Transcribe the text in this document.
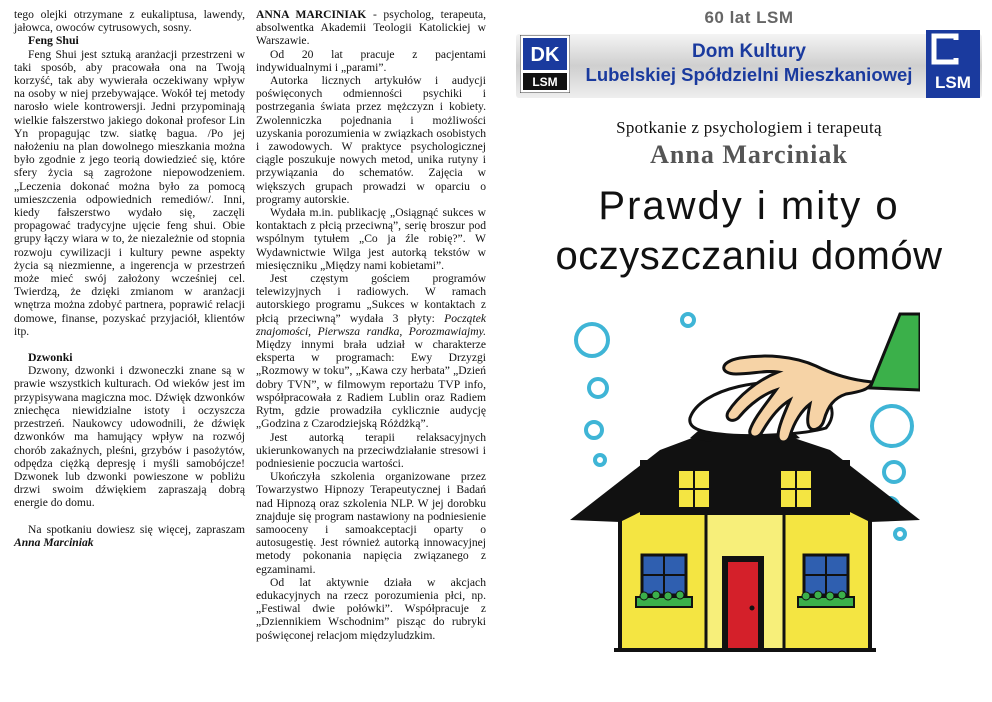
tego olejki otrzymane z eukaliptusa, lawendy, jałowca, owoców cytrusowych, sosny.

Feng Shui

Feng Shui jest sztuką aranżacji przestrzeni w taki sposób, aby pracowała ona na Twoją korzyść, tak aby wywierała oczekiwany wpływ na osoby w niej przebywające. Wokół tej metody narosło wiele kontrowersji. Jedni przypominają wielkie fałszerstwo jakiego dokonał profesor Lin Yn propagując tzw. siatkę bagua. /Po jej nałożeniu na plan dowolnego mieszkania można było zgodnie z jego teorią dowiedzieć się, które sfery życia są zagrożone niepowodzeniem. „Leczenia dokonać można było za pomocą umieszczenia odpowiednich remediów/. Inni, kiedy fałszerstwo wydało się, zaczęli propagować tradycyjne ujęcie feng shui. Obie grupy łączy wiara w to, że niezależnie od stopnia rozwoju cywilizacji i kultury pewne aspekty życia są niezmienne, a ingerencja w przestrzeń może mieć swój założony wcześniej cel. Twierdzą, że dzięki zmianom w aranżacji wnętrza można zdobyć partnera, poprawić relacji domowe, finanse, pozyskać przyjaciół, klientów itp.

Dzwonki

Dzwony, dzwonki i dzwoneczki znane są w prawie wszystkich kulturach. Od wieków jest im przypisywana magiczna moc. Dźwięk dzwonków zniechęca niewidzialne istoty i oczyszcza przestrzeń. Naukowcy udowodnili, że dźwięk dzwonków ma hamujący wpływ na rozwój chorób zakaźnych, pleśni, grzybów i pasożytów, odpędza ciężką depresję i myśli samobójcze! Dzwonek lub dzwonki powieszone w pobliżu drzwi swoim dźwiękiem zapraszają dobrą energie do domu.

Na spotkaniu dowiesz się więcej, zapraszam Anna Marciniak

ANNA MARCINIAK - psycholog, terapeuta, absolwentka Akademii Teologii Katolickiej w Warszawie.

Od 20 lat pracuje z pacjentami indywidualnymi i „parami”.

Autorka licznych artykułów i audycji poświęconych odmienności psychiki i postrzegania świata przez mężczyzn i kobiety. Zwolenniczka pojednania i możliwości uzyskania porozumienia w związkach osobistych i zawodowych. W praktyce psychologicznej ciągle poszukuje nowych metod, unika rutyny i przywiązania do schematów. Zajęcia w większych grupach prowadzi w oparciu o programy autorskie.

Wydała m.in. publikację „Osiągnąć sukces w kontaktach z płcią przeciwną”, serię broszur pod wspólnym tytułem „Co ja źle robię?”. W Wydawnictwie Wilga jest autorką tekstów w miesięczniku „Między nami kobietami”.

Jest częstym gościem programów telewizyjnych i radiowych. W ramach autorskiego programu „Sukces w kontaktach z płcią przeciwną” wydała 3 płyty: Początek znajomości, Pierwsza randka, Porozmawiajmy. Między innymi brała udział w charakterze eksperta w programach: Ewy Drzyzgi „Rozmowy w toku”, „Kawa czy herbata” „Dzień dobry TVN”, w filmowym reportażu TVP info, współpracowała z Radiem Lublin oraz Radiem Rytm, gdzie prowadziła cyklicznie audycję „Godzina z Czarodziejską Różdżką”.

Jest autorką terapii relaksacyjnych ukierunkowanych na przeciwdziałanie stresowi i podniesienie poczucia wartości.

Ukończyła szkolenia organizowane przez Towarzystwo Hipnozy Terapeutycznej i Badań nad Hipnozą oraz szkolenia NLP. W jej dorobku znajduje się program nastawiony na podniesienie samooceny i samoakceptacji oparty o autosugestię. Jest również autorką innowacyjnej metody pokonania napięcia związanego z egzaminami.

Od lat aktywnie działa w akcjach edukacyjnych na rzecz porozumienia płci, np. „Festiwal dwie połówki”. Współpracuje z „Dziennikiem Wschodnim” pisząc do rubryki poświęconej relacjom międzyludzkim.

60 lat LSM
DK
LSM
Dom Kultury
Lubelskiej Spółdzielni Mieszkaniowej	LSM
Spotkanie z psychologiem i terapeutą
Anna Marciniak
Prawdy i mity o
oczyszczaniu domów
